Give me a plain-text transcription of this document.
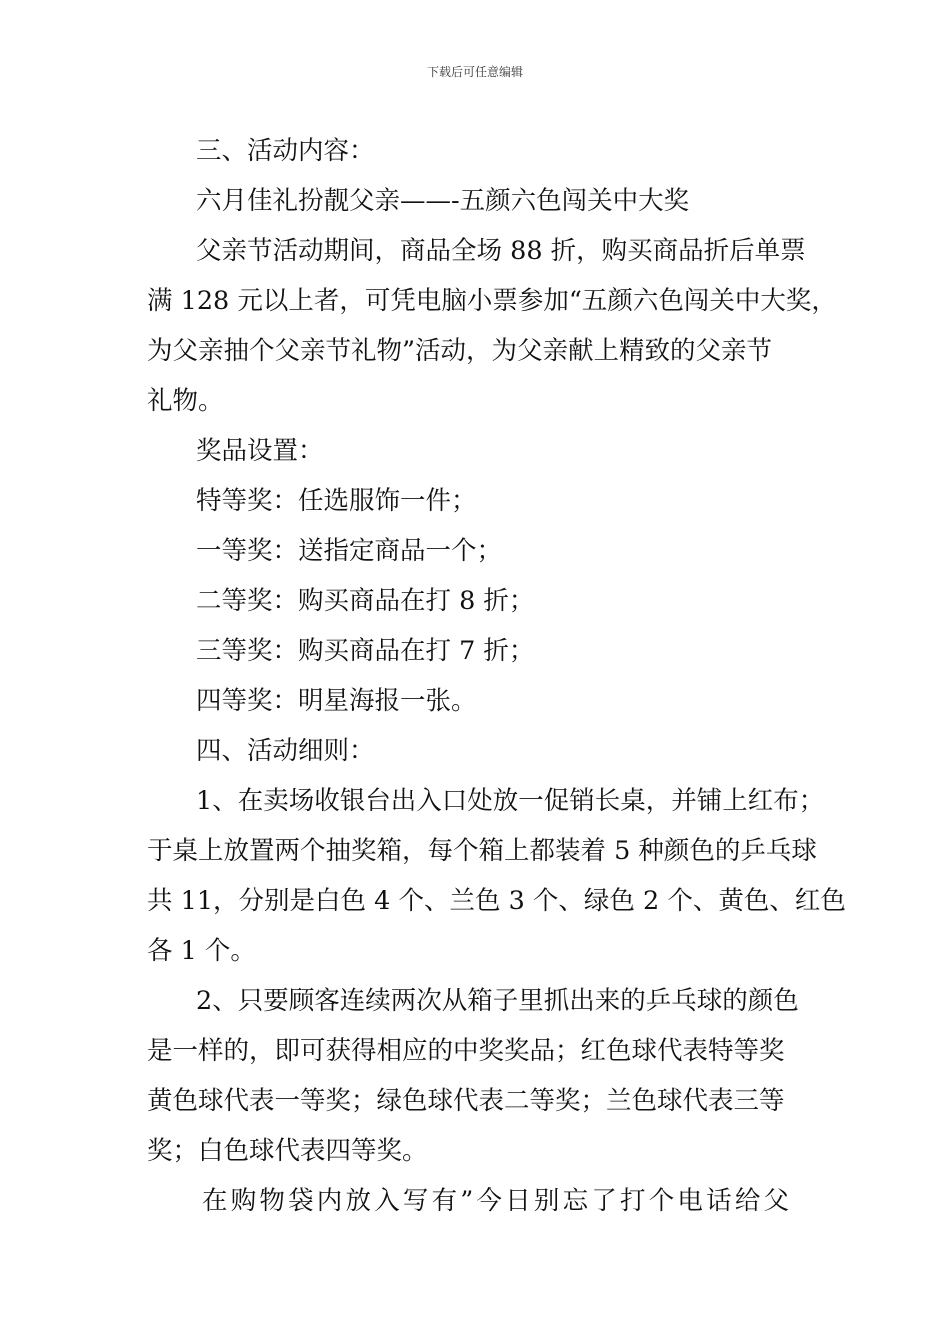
下载后可任意编辑

三、活动内容：

六月佳礼扮靓父亲——-五颜六色闯关中大奖

父亲节活动期间，商品全场 88 折，购买商品折后单票

满 128 元以上者，可凭电脑小票参加“五颜六色闯关中大奖，

为父亲抽个父亲节礼物”活动，为父亲献上精致的父亲节

礼物。

奖品设置：

特等奖：任选服饰一件；

一等奖：送指定商品一个；

二等奖：购买商品在打 8 折；

三等奖：购买商品在打 7 折；

四等奖：明星海报一张。

四、活动细则：

1、在卖场收银台出入口处放一促销长桌，并铺上红布；

于桌上放置两个抽奖箱，每个箱上都装着 5 种颜色的乒乓球

共 11，分别是白色 4 个、兰色 3 个、绿色 2 个、黄色、红色

各 1 个。

2、只要顾客连续两次从箱子里抓出来的乒乓球的颜色

是一样的，即可获得相应的中奖奖品；红色球代表特等奖

黄色球代表一等奖；绿色球代表二等奖；兰色球代表三等

奖；白色球代表四等奖。

在购物袋内放入写有”今日别忘了打个电话给父
